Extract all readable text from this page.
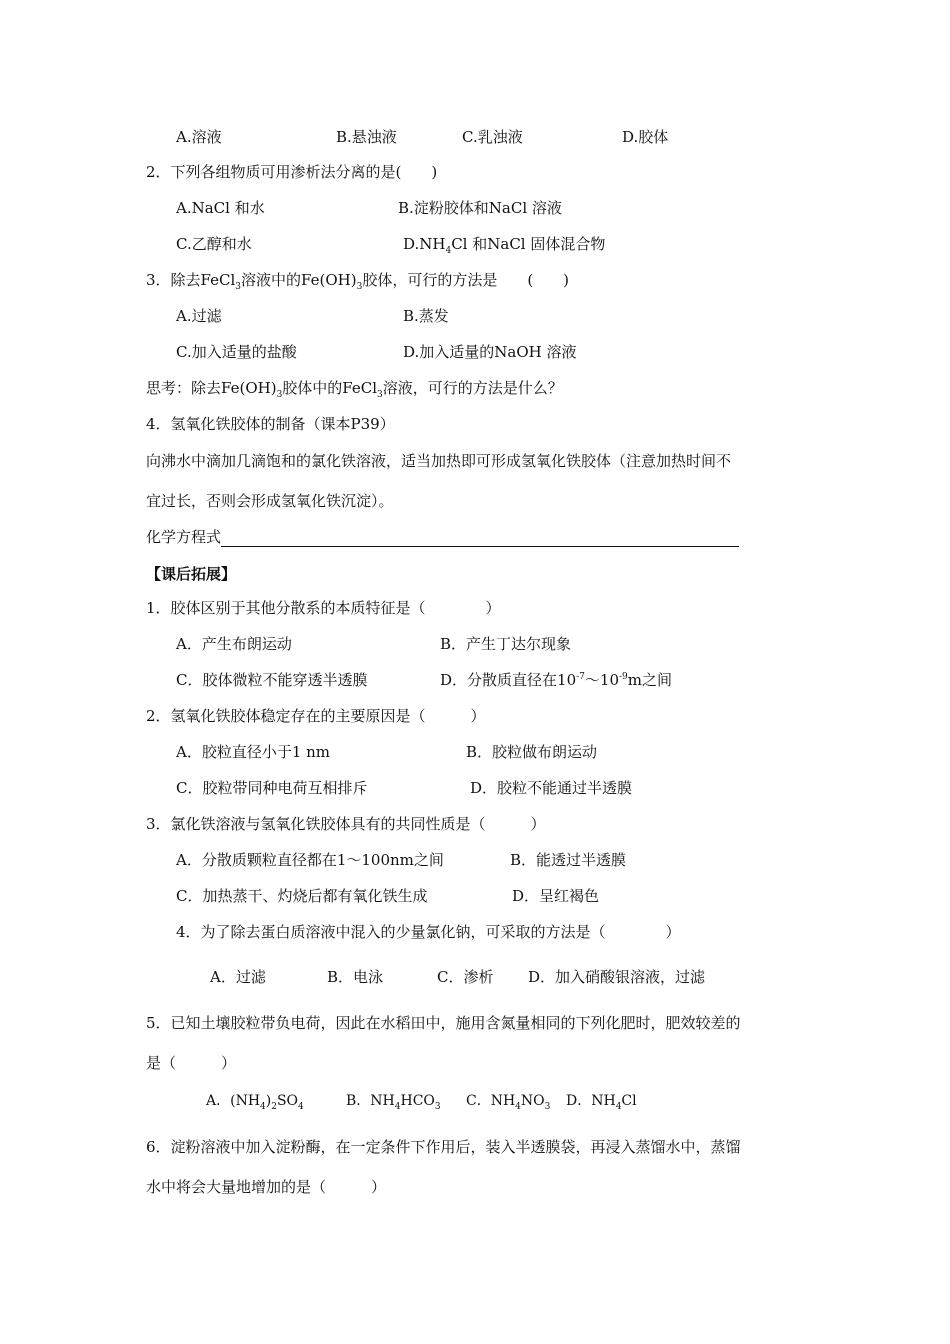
A.溶液	B.悬浊液	C.乳浊液	D.胶体
2．下列各组物质可用渗析法分离的是(　　)
A.NaCl 和水	B.淀粉胶体和NaCl 溶液
C.乙醇和水	$D.NH_4Cl$ 和NaCl 固体混合物
3．除去FeCl$_3$溶液中的$Fe(OH)_3$胶体，可行的方法是　　(　　)
A.过滤	B.蒸发
C.加入适量的盐酸	D.加入适量的NaOH 溶液
思考：除去$Fe(OH)_3$胶体中的FeCl$_3$溶液，可行的方法是什么？
4．氢氧化铁胶体的制备（课本P39）
向沸水中滴加几滴饱和的氯化铁溶液，适当加热即可形成氢氧化铁胶体（注意加热时间不
宜过长，否则会形成氢氧化铁沉淀）。
化学方程式
【课后拓展】
1．胶体区别于其他分散系的本质特征是（　　　　）
A．产生布朗运动	B．产生丁达尔现象
C．胶体微粒不能穿透半透膜	D．分散质直径在$10^{-7}\sim 10^{-9}m$之间
2．氢氧化铁胶体稳定存在的主要原因是（　　　）
A．胶粒直径小于1 nm	B．胶粒做布朗运动
C．胶粒带同种电荷互相排斥	D．胶粒不能通过半透膜
3．氯化铁溶液与氢氧化铁胶体具有的共同性质是（　　　）
A．分散质颗粒直径都在1～100nm之间	B．能透过半透膜
C．加热蒸干、灼烧后都有氧化铁生成	D．呈红褐色
4．为了除去蛋白质溶液中混入的少量氯化钠，可采取的方法是（　　　　）
A．过滤	B．电泳	C．渗析 D．加入硝酸银溶液，过滤
5．已知土壤胶粒带负电荷，因此在水稻田中，施用含氮量相同的下列化肥时，肥效较差的
是（　　　）
A．$(NH_4)_2SO_4$	B．$NH_4HCO_3$ C．$NH_4NO_3$ D．$NH_4Cl$
6．淀粉溶液中加入淀粉酶，在一定条件下作用后，装入半透膜袋，再浸入蒸馏水中，蒸馏
水中将会大量地增加的是（　　　）
